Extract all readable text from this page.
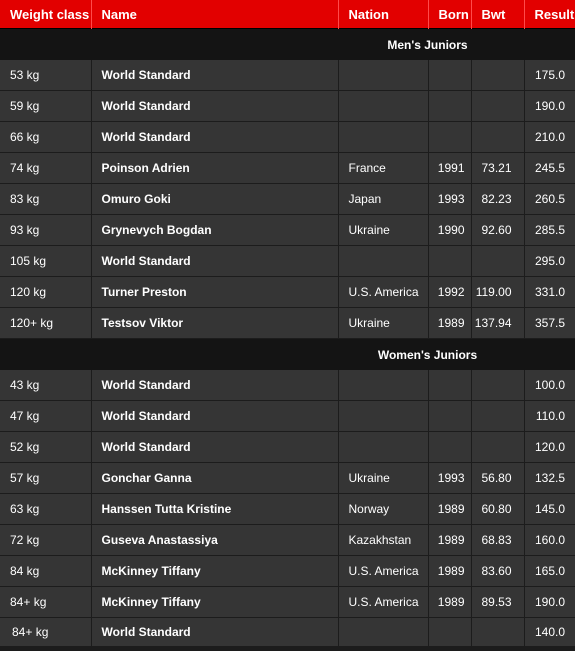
Weight class	Name	Nation	Born	Bwt	Result
Men's Juniors					
53 kg	World Standard				175.0
59 kg	World Standard				190.0
66 kg	World Standard				210.0
74 kg	Poinson Adrien	France	1991	73.21	245.5
83 kg	Omuro Goki	Japan	1993	82.23	260.5
93 kg	Grynevych Bogdan	Ukraine	1990	92.60	285.5
105 kg	World Standard				295.0
120 kg	Turner Preston	U.S. America	1992	119.00	331.0
120+ kg	Testsov Viktor	Ukraine	1989	137.94	357.5
Women's Juniors					
43 kg	World Standard				100.0
47 kg	World Standard				110.0
52 kg	World Standard				120.0
57 kg	Gonchar Ganna	Ukraine	1993	56.80	132.5
63 kg	Hanssen Tutta Kristine	Norway	1989	60.80	145.0
72 kg	Guseva Anastassiya	Kazakhstan	1989	68.83	160.0
84 kg	McKinney Tiffany	U.S. America	1989	83.60	165.0
84+ kg	McKinney Tiffany	U.S. America	1989	89.53	190.0
84+ kg	World Standard				140.0
